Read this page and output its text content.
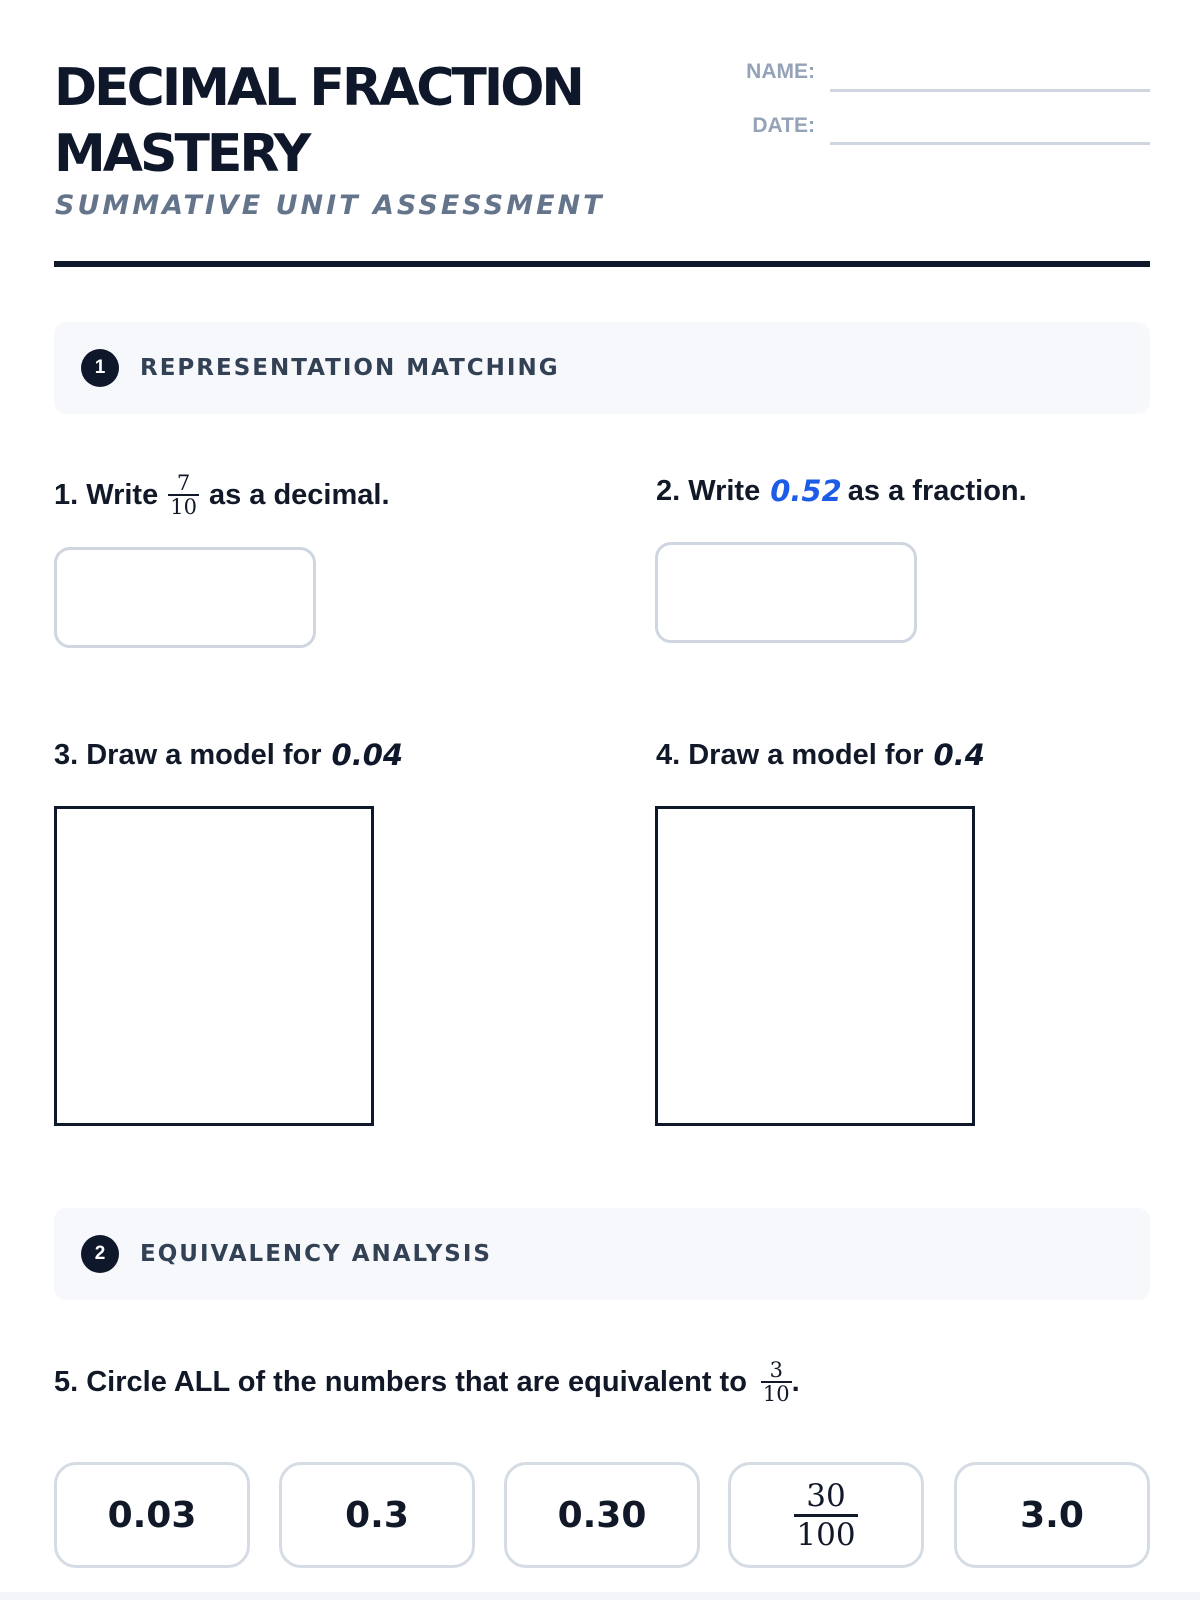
DECIMAL FRACTION
MASTERY
SUMMATIVE UNIT ASSESSMENT
NAME:
DATE:
1	REPRESENTATION MATCHING
1. Write $\frac{7}{10}$ as a decimal.	2. Write 0.52 as a fraction.
3. Draw a model for 0.04	4. Draw a model for 0.4
2	EQUIVALENCY ANALYSIS
5. Circle ALL of the numbers that are equivalent to $\frac{3}{10}$ .
0.03	0.3	0.30	$\frac{30}{100}$	3.0
